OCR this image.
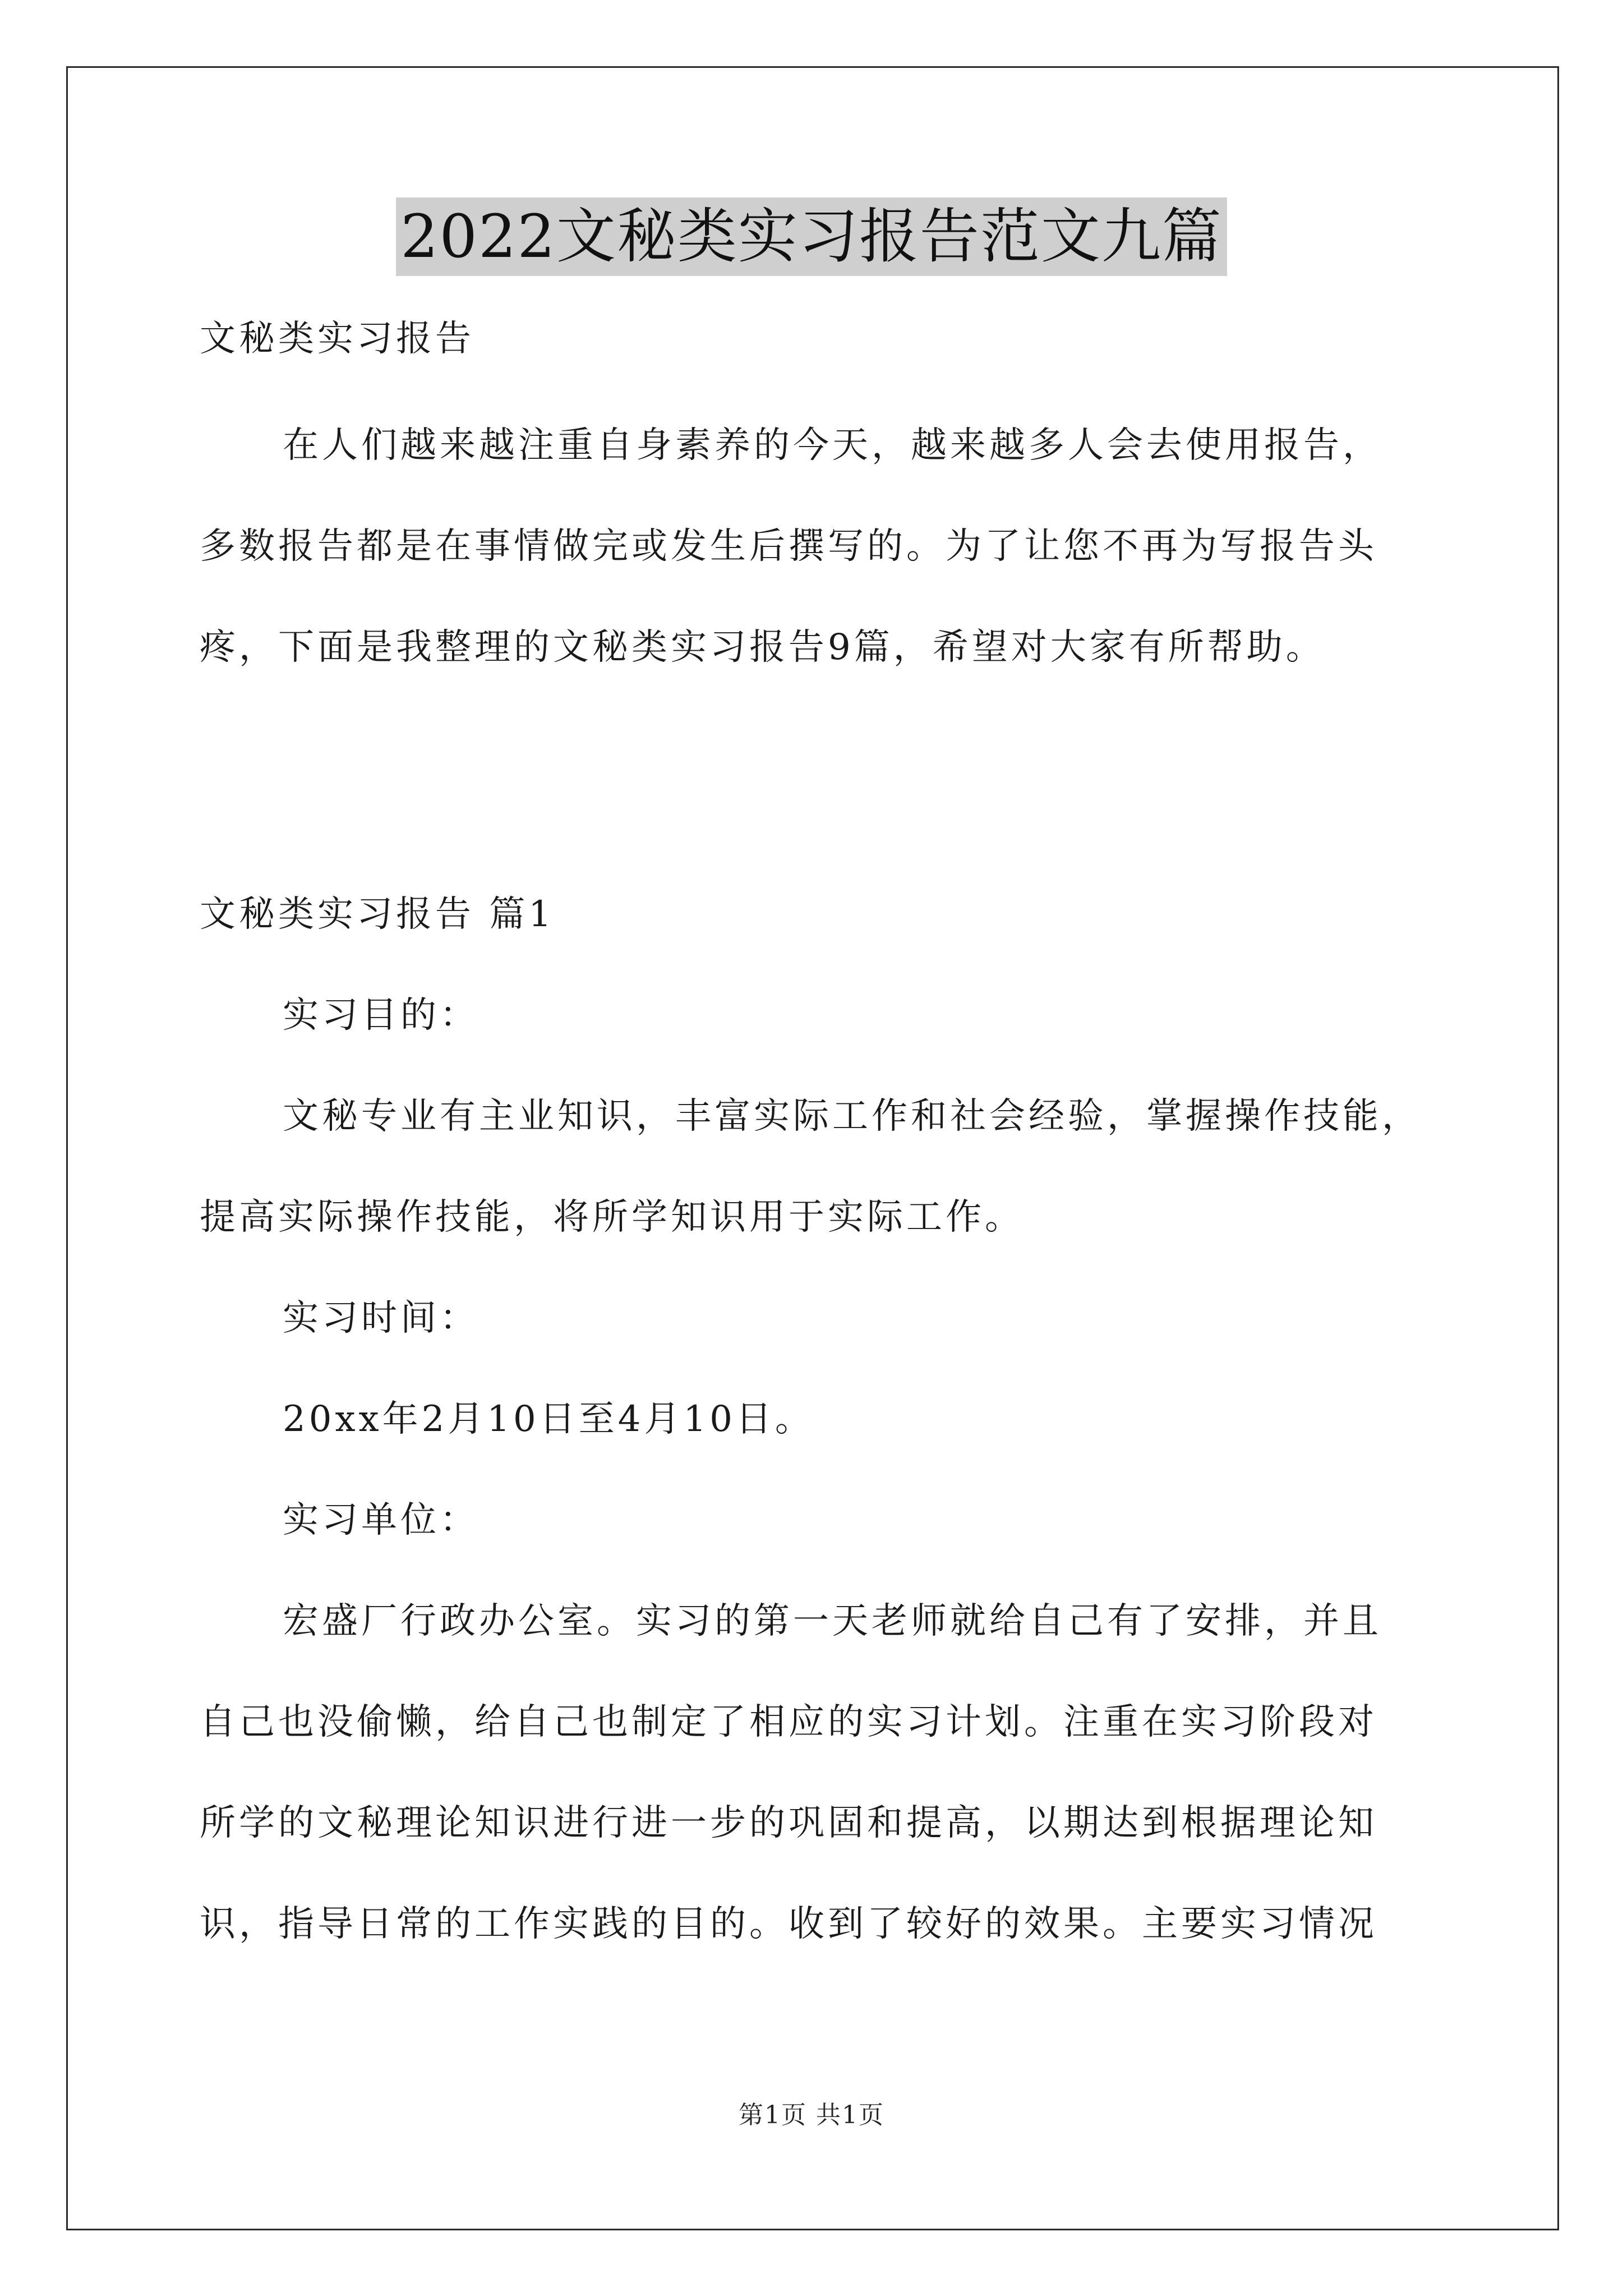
2022文秘类实习报告范文九篇
文秘类实习报告
在人们越来越注重自身素养的今天，越来越多人会去使用报告，
多数报告都是在事情做完或发生后撰写的。为了让您不再为写报告头
疼，下面是我整理的文秘类实习报告9篇，希望对大家有所帮助。
文秘类实习报告 篇1
实习目的：
文秘专业有主业知识，丰富实际工作和社会经验，掌握操作技能，
提高实际操作技能，将所学知识用于实际工作。
实习时间：
20xx年2月10日至4月10日。
实习单位：
宏盛厂行政办公室。实习的第一天老师就给自己有了安排，并且
自己也没偷懒，给自己也制定了相应的实习计划。注重在实习阶段对
所学的文秘理论知识进行进一步的巩固和提高，以期达到根据理论知
识，指导日常的工作实践的目的。收到了较好的效果。主要实习情况
第1页 共1页
